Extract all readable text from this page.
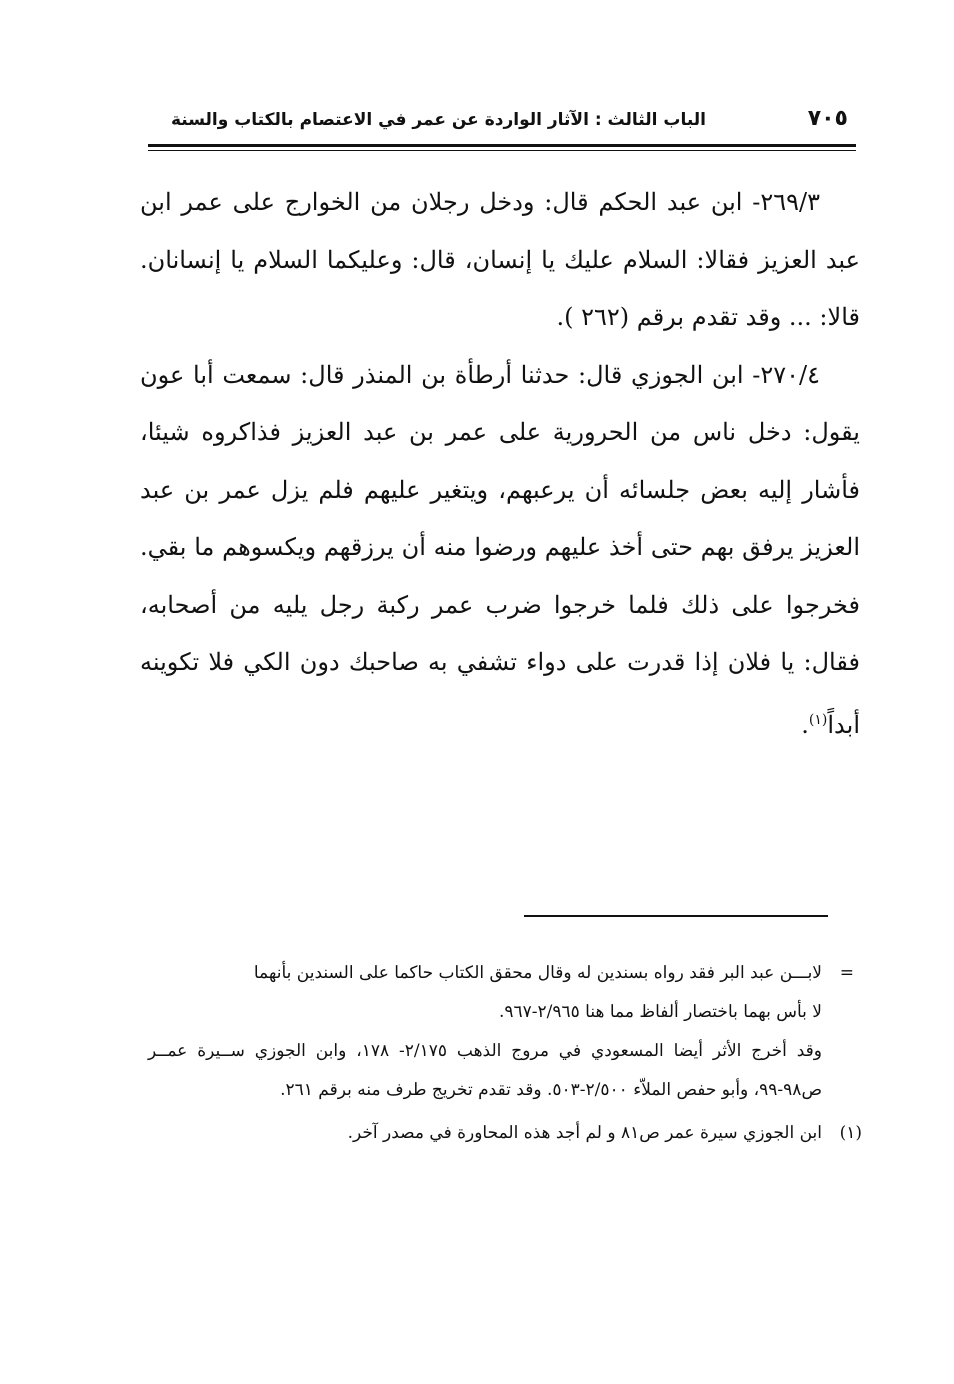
٧٠٥
الباب الثالث : الآثار الواردة عن عمر في الاعتصام بالكتاب والسنة

٢٦٩/٣- ابن عبد الحكم قال: ودخل رجلان من الخوارج على عمر ابن عبد العزيز فقالا: السلام عليك يا إنسان، قال: وعليكما السلام يا إنسانان. قالا: ... وقد تقدم برقم (٢٦٢ ).

٢٧٠/٤- ابن الجوزي قال: حدثنا أرطأة بن المنذر قال: سمعت أبا عون يقول: دخل ناس من الحرورية على عمر بن عبد العزيز فذاكروه شيئا، فأشار إليه بعض جلسائه أن يرعبهم، ويتغير عليهم فلم يزل عمر بن عبد العزيز يرفق بهم حتى أخذ عليهم ورضوا منه أن يرزقهم ويكسوهم ما بقي. فخرجوا على ذلك فلما خرجوا ضرب عمر ركبة رجل يليه من أصحابه، فقال: يا فلان إذا قدرت على دواء تشفي به صاحبك دون الكي فلا تكوينه أبداً$^{(١)}$.

=

لابـــن عبد البر فقد رواه بسندين له وقال محقق الكتاب حاكما على السندين بأنهما

لا بأس بهما باختصار ألفاظ مما هنا ٢/٩٦٥-٩٦٧.

وقد أخرج الأثر أيضا المسعودي في مروج الذهب ٢/١٧٥- ١٧٨، وابن الجوزي ســيرة عمــر ص٩٨-٩٩، وأبو حفص الملاّء ٢/٥٠٠-٥٠٣. وقد تقدم تخريج طرف منه برقم ٢٦١.

(١)
ابن الجوزي سيرة عمر ص٨١ و لم أجد هذه المحاورة في مصدر آخر.
